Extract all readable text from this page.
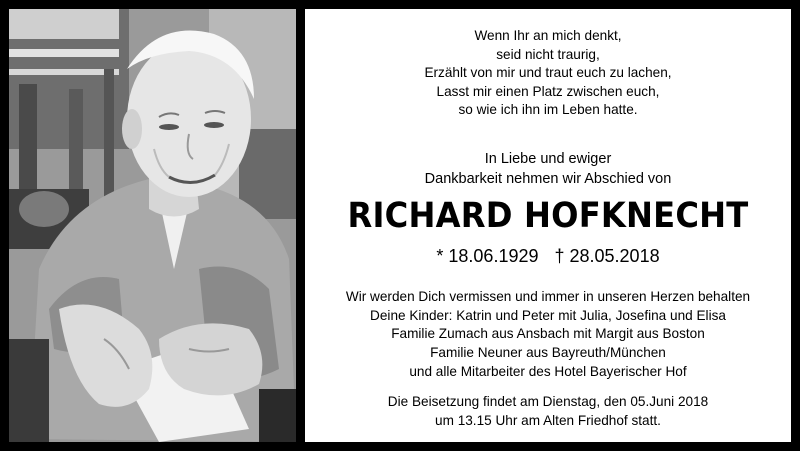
Wenn Ihr an mich denkt,
seid nicht traurig,
Erzählt von mir und traut euch zu lachen,
Lasst mir einen Platz zwischen euch,
so wie ich ihn im Leben hatte.
In Liebe und ewiger
Dankbarkeit nehmen wir Abschied von
RICHARD HOFKNECHT
* 18.06.1929 † 28.05.2018
Wir werden Dich vermissen und immer in unseren Herzen behalten
Deine Kinder: Katrin und Peter mit Julia, Josefina und Elisa
Familie Zumach aus Ansbach mit Margit aus Boston
Familie Neuner aus Bayreuth/München
und alle Mitarbeiter des Hotel Bayerischer Hof
Die Beisetzung findet am Dienstag, den 05.Juni 2018
um 13.15 Uhr am Alten Friedhof statt.
